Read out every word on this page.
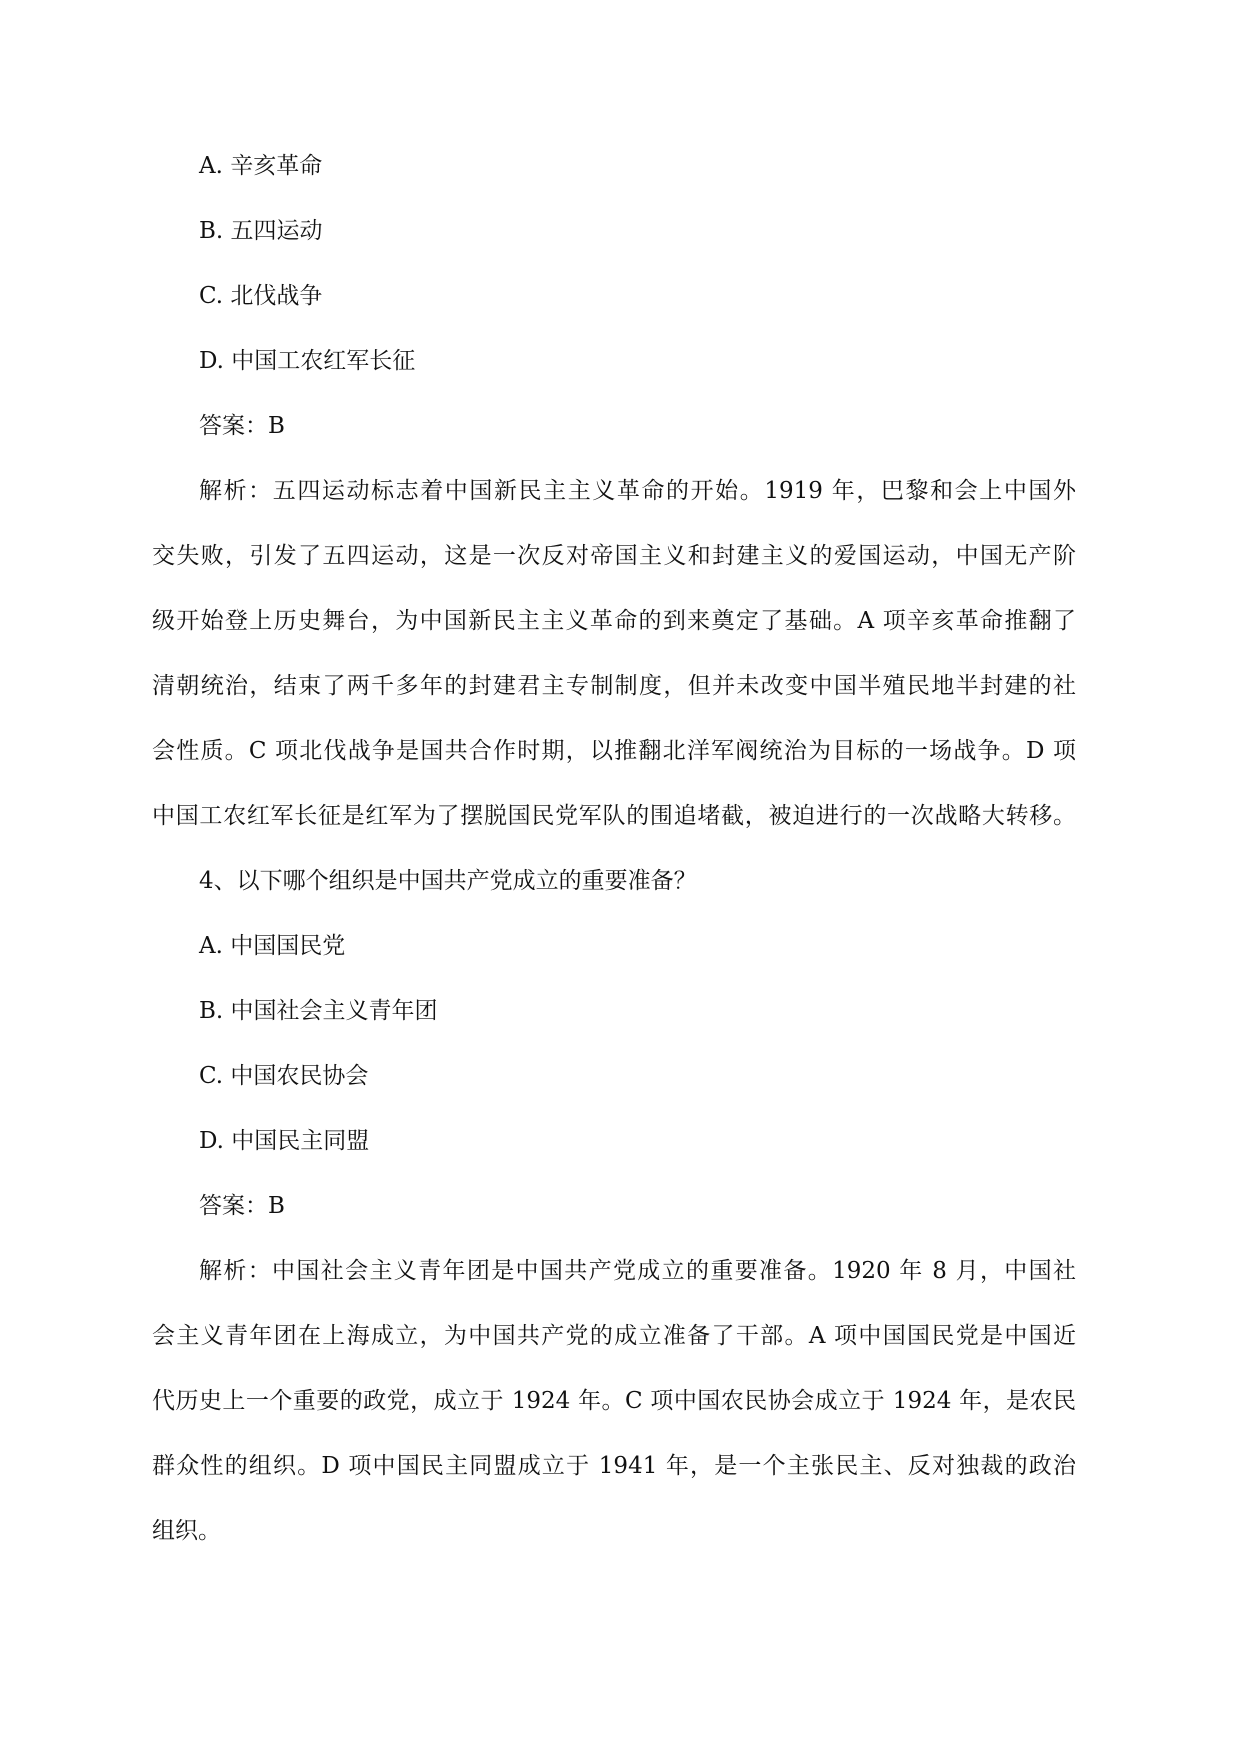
A. 辛亥革命
B. 五四运动
C. 北伐战争
D. 中国工农红军长征
答案：B
解析：五四运动标志着中国新民主主义革命的开始。1919 年，巴黎和会上中国外
交失败，引发了五四运动，这是一次反对帝国主义和封建主义的爱国运动，中国无产阶
级开始登上历史舞台，为中国新民主主义革命的到来奠定了基础。A 项辛亥革命推翻了
清朝统治，结束了两千多年的封建君主专制制度，但并未改变中国半殖民地半封建的社
会性质。C 项北伐战争是国共合作时期，以推翻北洋军阀统治为目标的一场战争。D 项
中国工农红军长征是红军为了摆脱国民党军队的围追堵截，被迫进行的一次战略大转移。
4、以下哪个组织是中国共产党成立的重要准备？
A. 中国国民党
B. 中国社会主义青年团
C. 中国农民协会
D. 中国民主同盟
答案：B
解析：中国社会主义青年团是中国共产党成立的重要准备。1920 年 8 月，中国社
会主义青年团在上海成立，为中国共产党的成立准备了干部。A 项中国国民党是中国近
代历史上一个重要的政党，成立于 1924 年。C 项中国农民协会成立于 1924 年，是农民
群众性的组织。D 项中国民主同盟成立于 1941 年，是一个主张民主、反对独裁的政治
组织。
